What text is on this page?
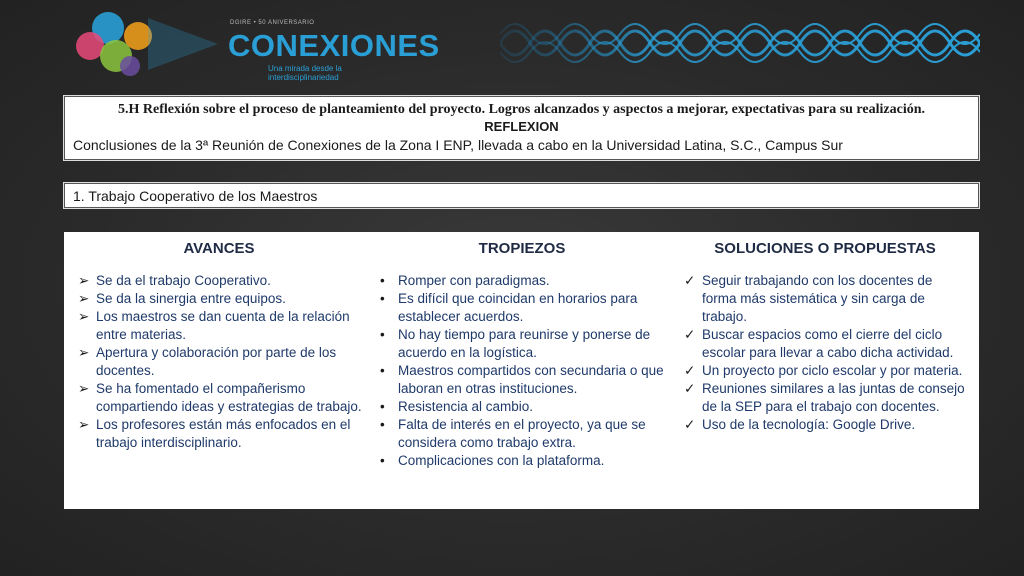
DGIRE • 50 ANIVERSARIO
CONEXIONES
Una mirada desde la interdisciplinariedad
5.H Reflexión sobre el proceso de planteamiento del proyecto. Logros alcanzados y aspectos a mejorar, expectativas para su realización.
REFLEXION
Conclusiones de la 3ª Reunión de Conexiones de la Zona I ENP, llevada a cabo en la Universidad Latina, S.C., Campus Sur
1. Trabajo Cooperativo de los Maestros
AVANCES
➢ Se da el trabajo Cooperativo.
➢ Se da la sinergia entre equipos.
➢ Los maestros se dan cuenta de la relación entre materias.
➢ Apertura y colaboración por parte de los docentes.
➢ Se ha fomentado el compañerismo compartiendo ideas y estrategias de trabajo.
➢ Los profesores están más enfocados en el trabajo interdisciplinario.
TROPIEZOS
• Romper con paradigmas.
• Es difícil que coincidan en horarios para establecer acuerdos.
• No hay tiempo para reunirse y ponerse de acuerdo en la logística.
• Maestros compartidos con secundaria o que laboran en otras instituciones.
• Resistencia al cambio.
• Falta de interés en el proyecto, ya que se considera como trabajo extra.
• Complicaciones con la plataforma.
SOLUCIONES O PROPUESTAS
✓ Seguir trabajando con los docentes de forma más sistemática y sin carga de trabajo.
✓ Buscar espacios como el cierre del ciclo escolar para llevar a cabo dicha actividad.
✓ Un proyecto por ciclo escolar y por materia.
✓ Reuniones similares a las juntas de consejo de la SEP para el trabajo con docentes.
✓ Uso de la tecnología: Google Drive.
